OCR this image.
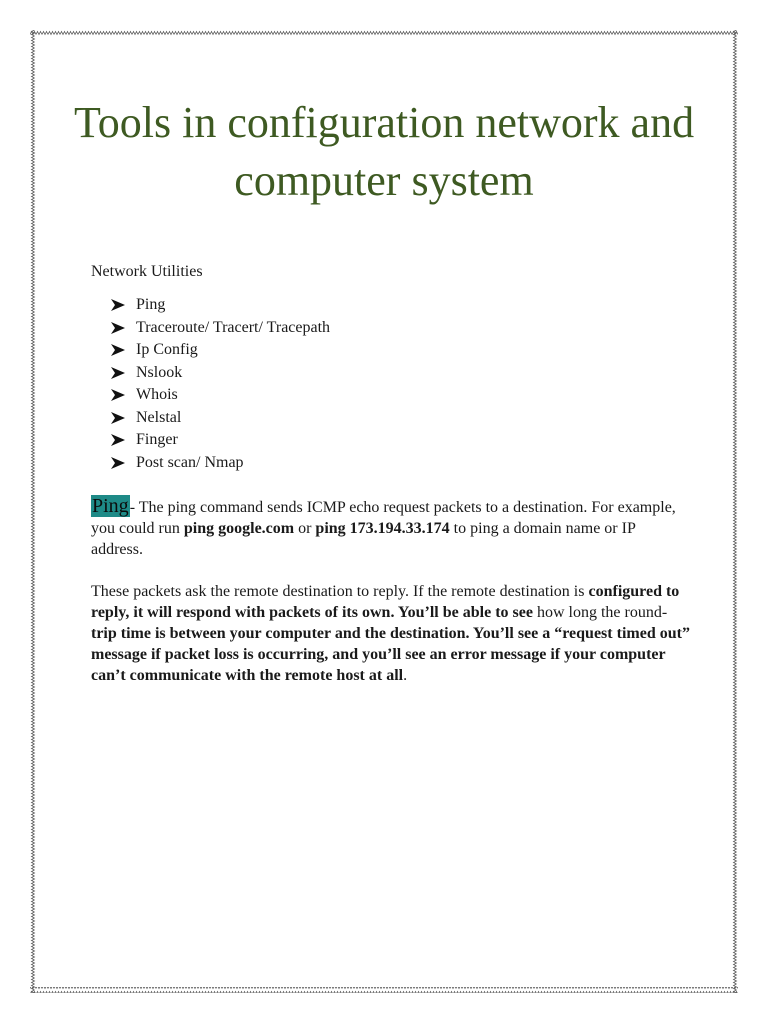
Tools in configuration network and computer system
Network Utilities
Ping
Traceroute/ Tracert/ Tracepath
Ip Config
Nslook
Whois
Nelstal
Finger
Post scan/ Nmap

Ping- The ping command sends ICMP echo request packets to a destination. For example, you could run ping google.com or ping 173.194.33.174 to ping a domain name or IP address.

These packets ask the remote destination to reply. If the remote destination is configured to reply, it will respond with packets of its own. You’ll be able to see how long the round-trip time is between your computer and the destination. You’ll see a “request timed out” message if packet loss is occurring, and you’ll see an error message if your computer can’t communicate with the remote host at all.
